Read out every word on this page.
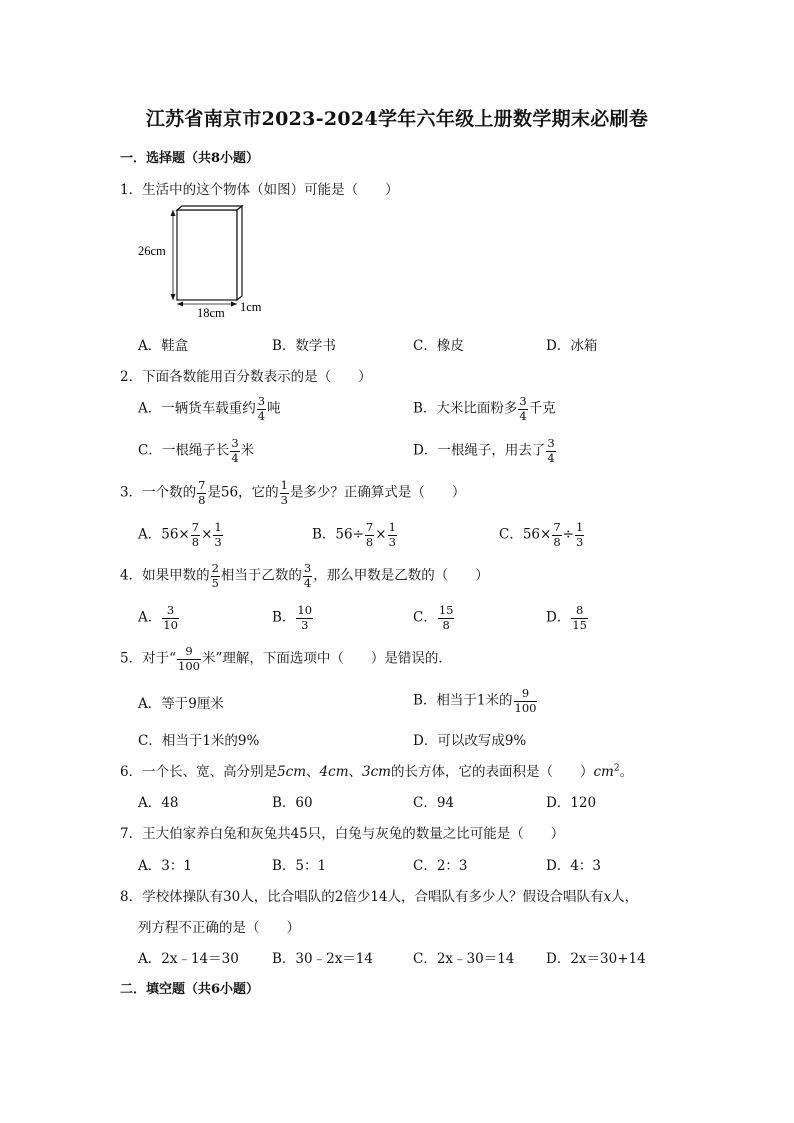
江苏省南京市2023-2024学年六年级上册数学期末必刷卷
一．选择题（共8小题）
1．生活中的这个物体（如图）可能是（　　）
26cm
18cm 1cm
A．鞋盒	B．数学书	C．橡皮	D．冰箱
2．下面各数能用百分数表示的是（　　）
A．一辆货车载重约 $\frac{3}{4}$ 吨	B．大米比面粉多 $\frac{3}{4}$ 千克
C．一根绳子长 $\frac{3}{4}$ 米	D．一根绳子，用去了 $\frac{3}{4}$
3．一个数的 $\frac{7}{8}$ 是56，它的 $\frac{1}{3}$ 是多少？正确算式是（　　）
A．$56\times \frac{7}{8} \times \frac{1}{3}$	B．$56\div \frac{7}{8} \times \frac{1}{3}$	C．$56\times \frac{7}{8} \div \frac{1}{3}$
4．如果甲数的 $\frac{2}{5}$ 相当于乙数的 $\frac{3}{4}$ ，那么甲数是乙数的（　　）
A． $\frac{3}{10}$	B． $\frac{10}{3}$	C． $\frac{15}{8}$	D． $\frac{8}{15}$
5．对于“ $\frac{9}{100}$ 米”理解，下面选项中（　　）是错误的．
A．等于9厘米	B．相当于1米的 $\frac{9}{100}$
C．相当于1米的9%	D．可以改写成9%
6．一个长、宽、高分别是5cm、4cm、3cm的长方体，它的表面积是（　　）$cm^2$。
A．48	B．60	C．94	D．120
7．王大伯家养白兔和灰兔共45只，白兔与灰兔的数量之比可能是（　　）
A．3：1	B．5：1	C．2：3	D．4：3
8．学校体操队有30人，比合唱队的2倍少14人，合唱队有多少人？假设合唱队有x人，
列方程不正确的是（　　）
A．2x﹣14＝30 B．30﹣2x＝14	C．2x﹣30＝14 D．2x＝30+14
二．填空题（共6小题）
